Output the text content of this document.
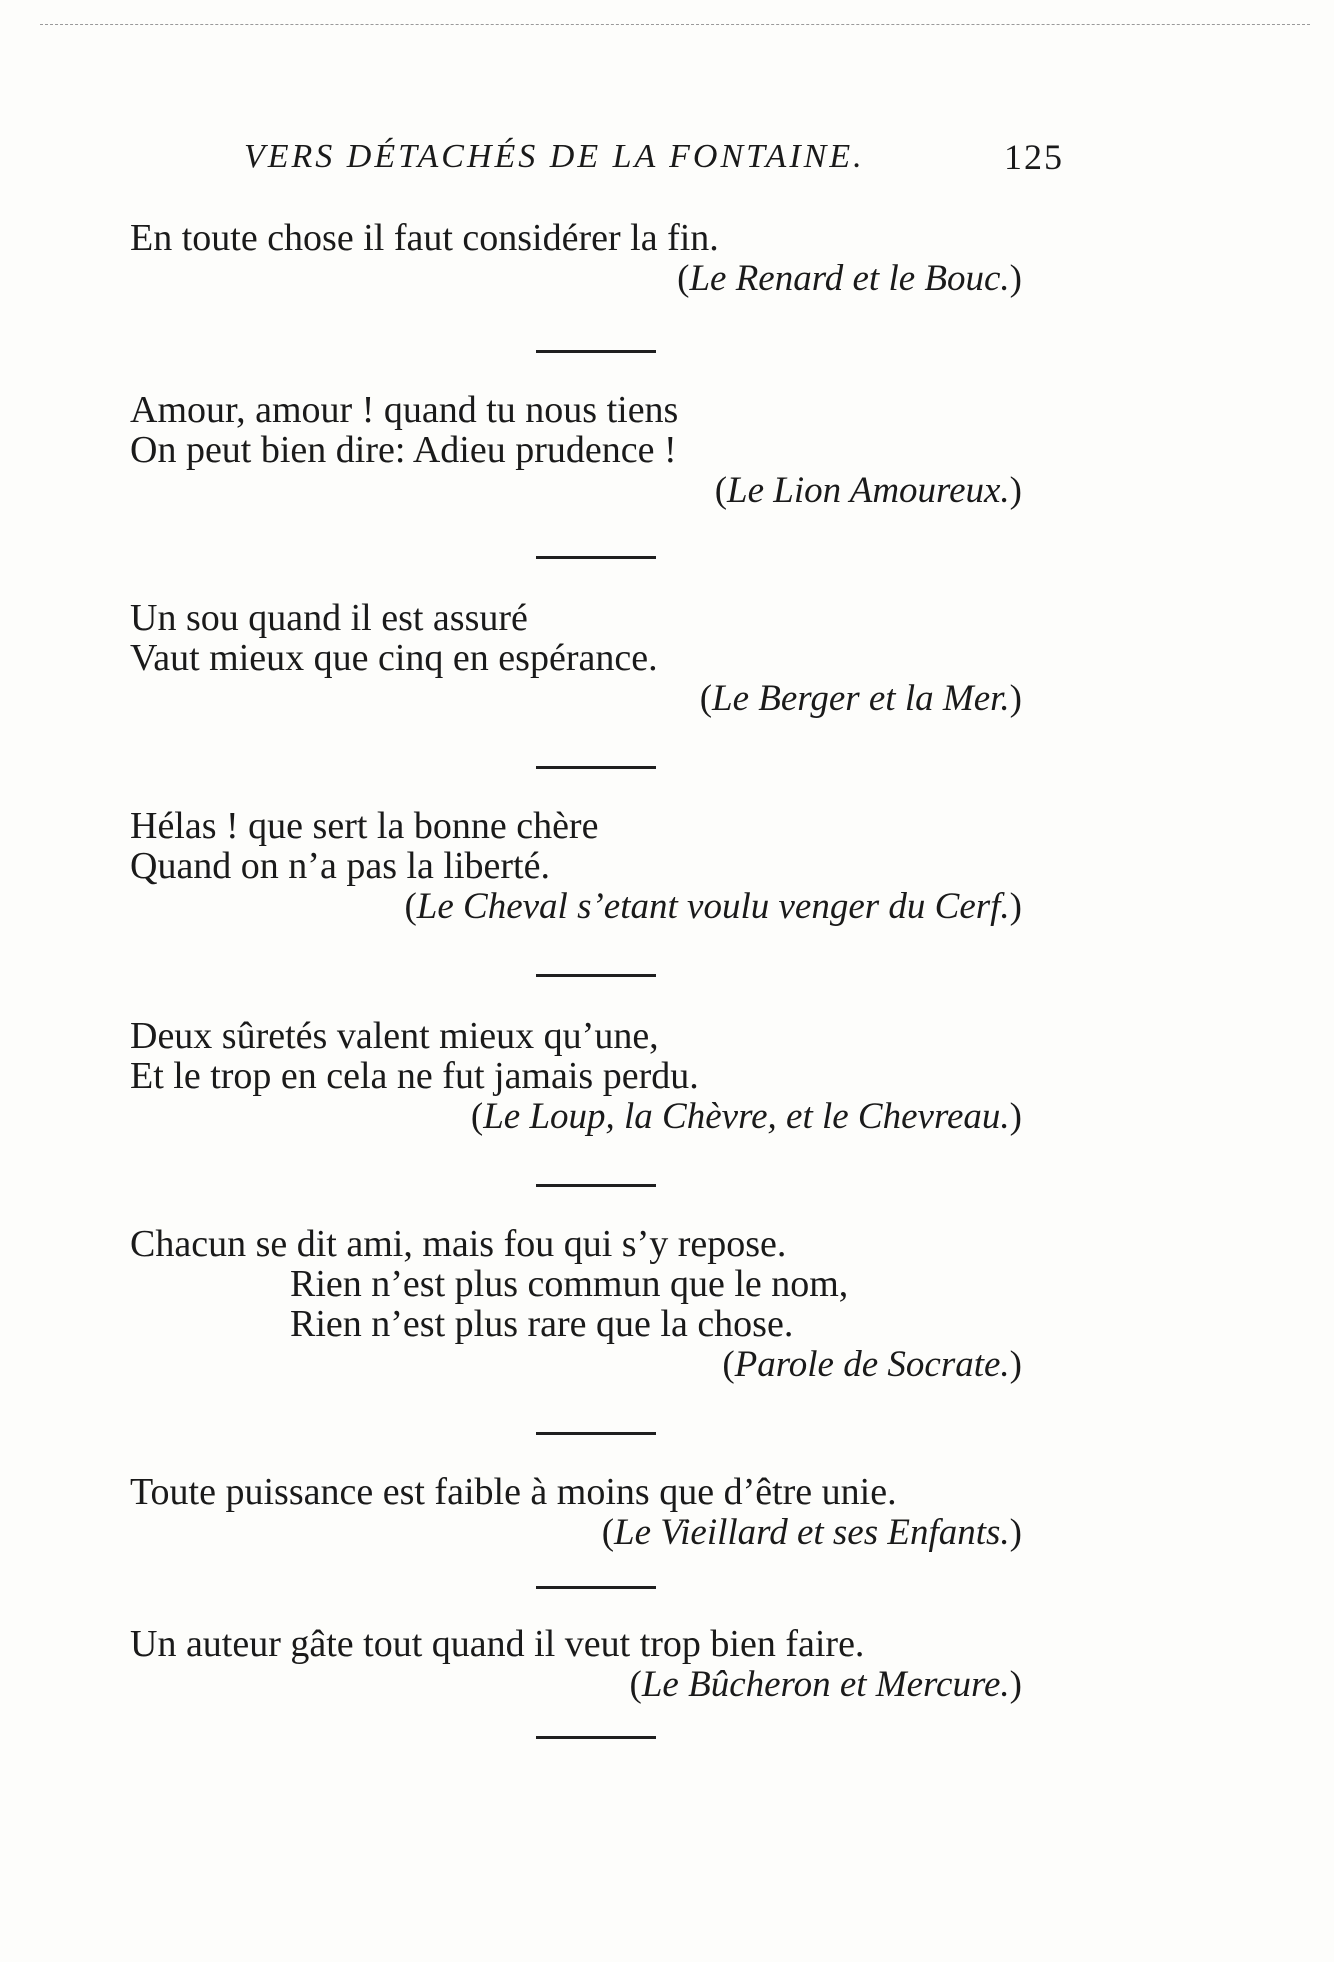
VERS DÉTACHÉS DE LA FONTAINE.	125
En toute chose il faut considérer la fin.
(Le Renard et le Bouc.)
Amour, amour ! quand tu nous tiens
On peut bien dire: Adieu prudence !
(Le Lion Amoureux.)
Un sou quand il est assuré
Vaut mieux que cinq en espérance.
(Le Berger et la Mer.)
Hélas ! que sert la bonne chère
Quand on n’a pas la liberté.
(Le Cheval s’etant voulu venger du Cerf.)
Deux sûretés valent mieux qu’une,
Et le trop en cela ne fut jamais perdu.
(Le Loup, la Chèvre, et le Chevreau.)
Chacun se dit ami, mais fou qui s’y repose.
Rien n’est plus commun que le nom,
Rien n’est plus rare que la chose.
(Parole de Socrate.)
Toute puissance est faible à moins que d’être unie.
(Le Vieillard et ses Enfants.)
Un auteur gâte tout quand il veut trop bien faire.
(Le Bûcheron et Mercure.)
